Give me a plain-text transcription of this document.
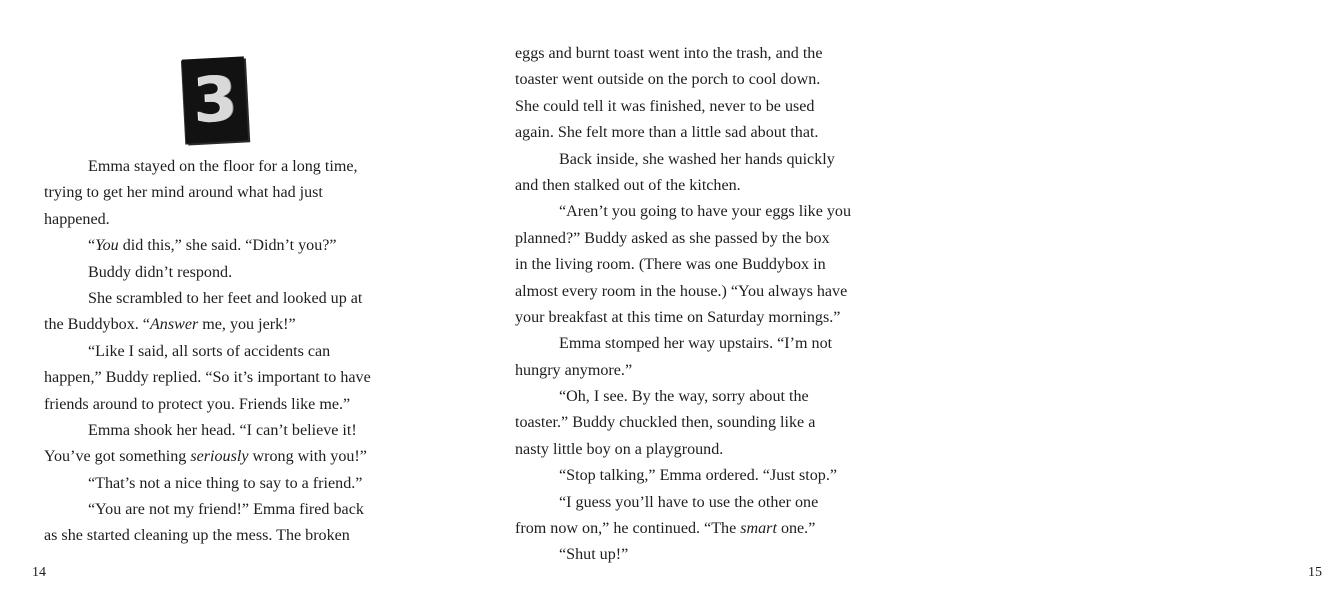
3
Emma stayed on the floor for a long time,
trying to get her mind around what had just
happened.
“You did this,” she said. “Didn’t you?”
Buddy didn’t respond.
She scrambled to her feet and looked up at
the Buddybox. “Answer me, you jerk!”
“Like I said, all sorts of accidents can
happen,” Buddy replied. “So it’s important to have
friends around to protect you. Friends like me.”
Emma shook her head. “I can’t believe it!
You’ve got something seriously wrong with you!”
“That’s not a nice thing to say to a friend.”
“You are not my friend!” Emma fired back
as she started cleaning up the mess. The broken
14	15
eggs and burnt toast went into the trash, and the
toaster went outside on the porch to cool down.
She could tell it was finished, never to be used
again. She felt more than a little sad about that.
Back inside, she washed her hands quickly
and then stalked out of the kitchen.
“Aren’t you going to have your eggs like you
planned?” Buddy asked as she passed by the box
in the living room. (There was one Buddybox in
almost every room in the house.) “You always have
your breakfast at this time on Saturday mornings.”
Emma stomped her way upstairs. “I’m not
hungry anymore.”
“Oh, I see. By the way, sorry about the
toaster.” Buddy chuckled then, sounding like a
nasty little boy on a playground.
“Stop talking,” Emma ordered. “Just stop.”
“I guess you’ll have to use the other one
from now on,” he continued. “The smart one.”
“Shut up!”
